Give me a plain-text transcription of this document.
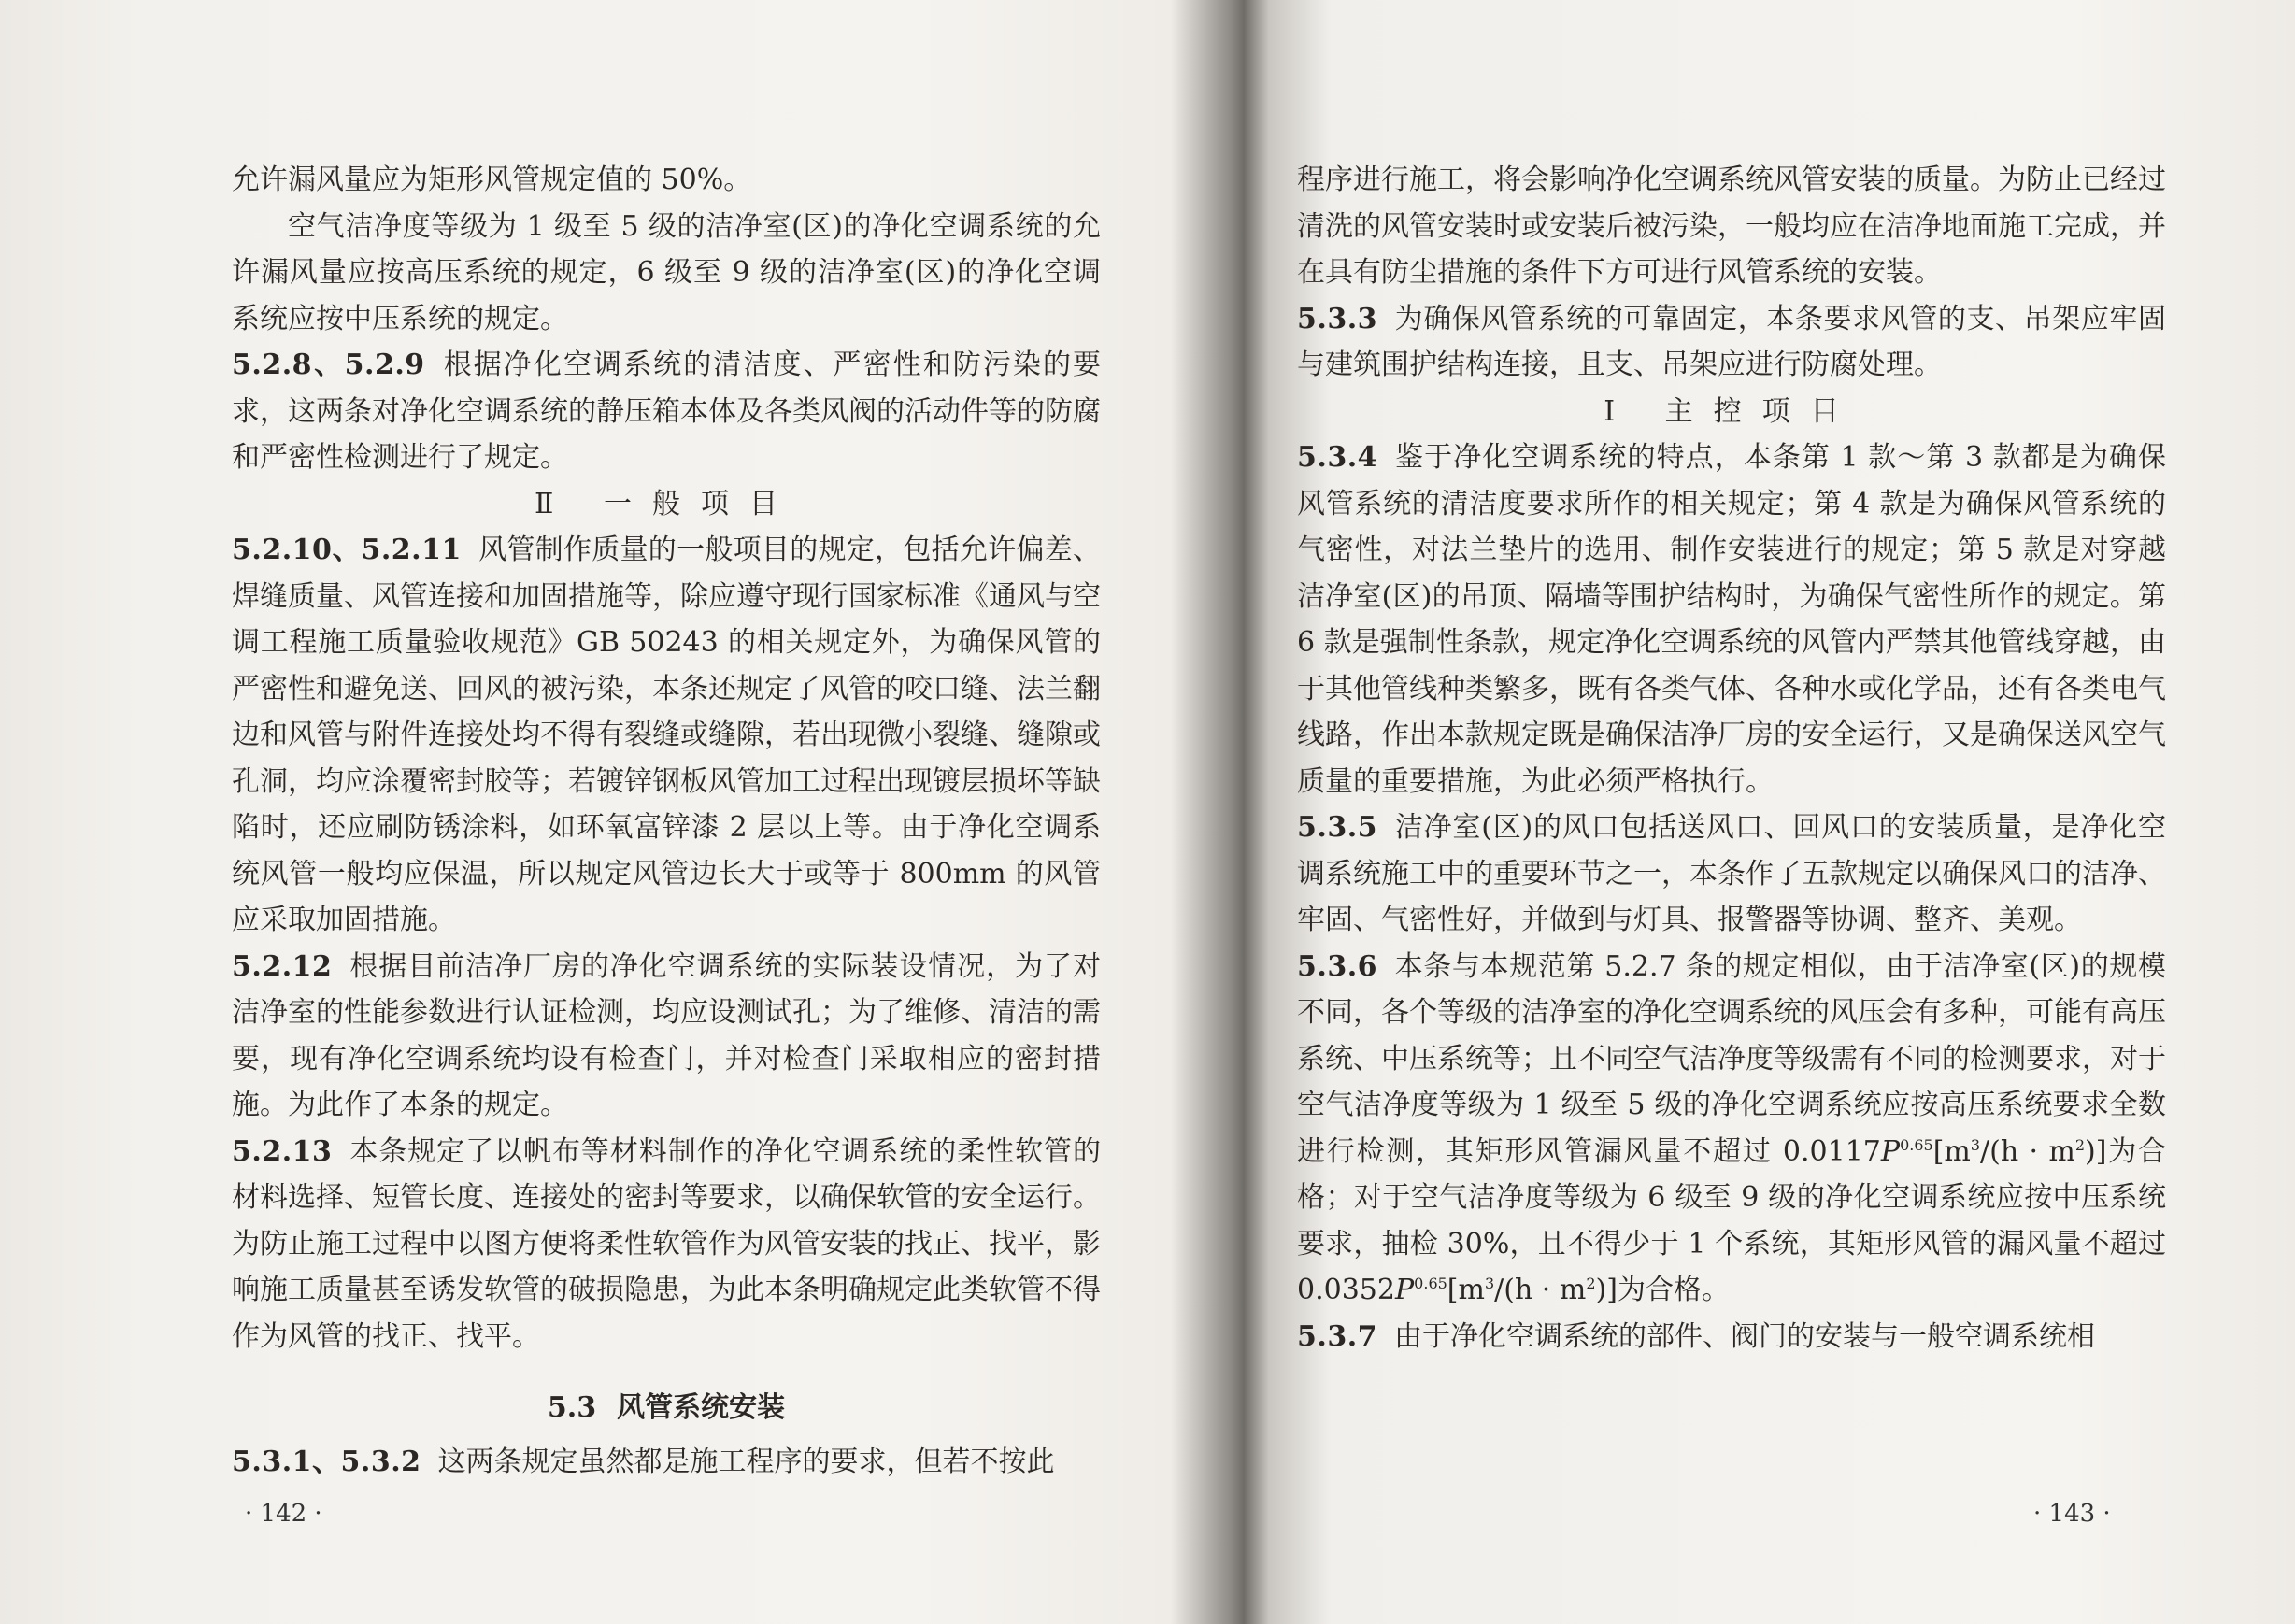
允许漏风量应为矩形风管规定值的 50%。

空气洁净度等级为 1 级至 5 级的洁净室(区)的净化空调系统的允许漏风量应按高压系统的规定，6 级至 9 级的洁净室(区)的净化空调系统应按中压系统的规定。

5.2.8、5.2.9 根据净化空调系统的清洁度、严密性和防污染的要求，这两条对净化空调系统的静压箱本体及各类风阀的活动件等的防腐和严密性检测进行了规定。

Ⅱ 一般项目

5.2.10、5.2.11 风管制作质量的一般项目的规定，包括允许偏差、焊缝质量、风管连接和加固措施等，除应遵守现行国家标准《通风与空调工程施工质量验收规范》GB 50243 的相关规定外，为确保风管的严密性和避免送、回风的被污染，本条还规定了风管的咬口缝、法兰翻边和风管与附件连接处均不得有裂缝或缝隙，若出现微小裂缝、缝隙或孔洞，均应涂覆密封胶等；若镀锌钢板风管加工过程出现镀层损坏等缺陷时，还应刷防锈涂料，如环氧富锌漆 2 层以上等。由于净化空调系统风管一般均应保温，所以规定风管边长大于或等于 800mm 的风管应采取加固措施。

5.2.12 根据目前洁净厂房的净化空调系统的实际装设情况，为了对洁净室的性能参数进行认证检测，均应设测试孔；为了维修、清洁的需要，现有净化空调系统均设有检查门，并对检查门采取相应的密封措施。为此作了本条的规定。

5.2.13 本条规定了以帆布等材料制作的净化空调系统的柔性软管的材料选择、短管长度、连接处的密封等要求，以确保软管的安全运行。为防止施工过程中以图方便将柔性软管作为风管安装的找正、找平，影响施工质量甚至诱发软管的破损隐患，为此本条明确规定此类软管不得作为风管的找正、找平。

5.3 风管系统安装

5.3.1、5.3.2 这两条规定虽然都是施工程序的要求，但若不按此

· 142 ·

程序进行施工，将会影响净化空调系统风管安装的质量。为防止已经过清洗的风管安装时或安装后被污染，一般均应在洁净地面施工完成，并在具有防尘措施的条件下方可进行风管系统的安装。

5.3.3 为确保风管系统的可靠固定，本条要求风管的支、吊架应牢固与建筑围护结构连接，且支、吊架应进行防腐处理。

Ⅰ 主控项目

5.3.4 鉴于净化空调系统的特点，本条第 1 款～第 3 款都是为确保风管系统的清洁度要求所作的相关规定；第 4 款是为确保风管系统的气密性，对法兰垫片的选用、制作安装进行的规定；第 5 款是对穿越洁净室(区)的吊顶、隔墙等围护结构时，为确保气密性所作的规定。第 6 款是强制性条款，规定净化空调系统的风管内严禁其他管线穿越，由于其他管线种类繁多，既有各类气体、各种水或化学品，还有各类电气线路，作出本款规定既是确保洁净厂房的安全运行，又是确保送风空气质量的重要措施，为此必须严格执行。

5.3.5 洁净室(区)的风口包括送风口、回风口的安装质量，是净化空调系统施工中的重要环节之一，本条作了五款规定以确保风口的洁净、牢固、气密性好，并做到与灯具、报警器等协调、整齐、美观。

5.3.6 本条与本规范第 5.2.7 条的规定相似，由于洁净室(区)的规模不同，各个等级的洁净室的净化空调系统的风压会有多种，可能有高压系统、中压系统等；且不同空气洁净度等级需有不同的检测要求，对于空气洁净度等级为 1 级至 5 级的净化空调系统应按高压系统要求全数进行检测，其矩形风管漏风量不超过 $0.0117P^{0.65}[m^3/(h \cdot m^2)]$为合格；对于空气洁净度等级为 6 级至 9 级的净化空调系统应按中压系统要求，抽检 30%，且不得少于 1 个系统，其矩形风管的漏风量不超过 $0.0352P^{0.65}[m^3/(h \cdot m^2)]$为合格。

5.3.7 由于净化空调系统的部件、阀门的安装与一般空调系统相

· 143 ·
